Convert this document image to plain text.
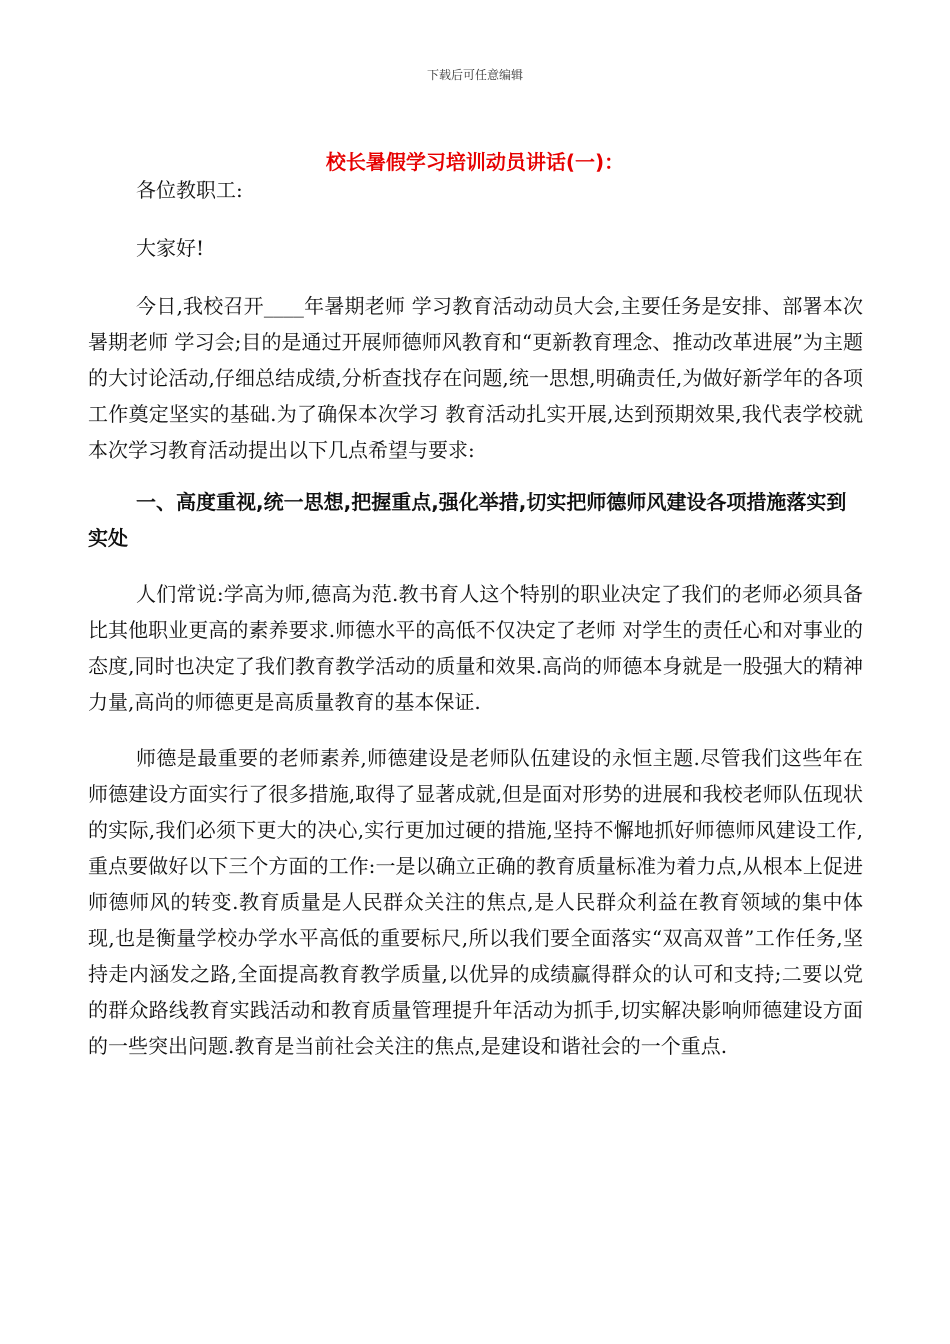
下载后可任意编辑
校长暑假学习培训动员讲话(一)：

各位教职工:

大家好!

今日,我校召开____年暑期老师 学习教育活动动员大会,主要任务是安排、部署本次暑期老师 学习会;目的是通过开展师德师风教育和“更新教育理念、推动改革进展”为主题的大讨论活动,仔细总结成绩,分析查找存在问题,统一思想,明确责任,为做好新学年的各项工作奠定坚实的基础.为了确保本次学习 教育活动扎实开展,达到预期效果,我代表学校就本次学习教育活动提出以下几点希望与要求:

一、高度重视,统一思想,把握重点,强化举措,切实把师德师风建设各项措施落实到实处

人们常说:学高为师,德高为范.教书育人这个特别的职业决定了我们的老师必须具备比其他职业更高的素养要求.师德水平的高低不仅决定了老师 对学生的责任心和对事业的态度,同时也决定了我们教育教学活动的质量和效果.高尚的师德本身就是一股强大的精神力量,高尚的师德更是高质量教育的基本保证.

师德是最重要的老师素养,师德建设是老师队伍建设的永恒主题.尽管我们这些年在师德建设方面实行了很多措施,取得了显著成就,但是面对形势的进展和我校老师队伍现状的实际,我们必须下更大的决心,实行更加过硬的措施,坚持不懈地抓好师德师风建设工作,重点要做好以下三个方面的工作:一是以确立正确的教育质量标准为着力点,从根本上促进师德师风的转变.教育质量是人民群众关注的焦点,是人民群众利益在教育领域的集中体现,也是衡量学校办学水平高低的重要标尺,所以我们要全面落实“双高双普”工作任务,坚持走内涵发之路,全面提高教育教学质量,以优异的成绩赢得群众的认可和支持;二要以党的群众路线教育实践活动和教育质量管理提升年活动为抓手,切实解决影响师德建设方面的一些突出问题.教育是当前社会关注的焦点,是建设和谐社会的一个重点.
